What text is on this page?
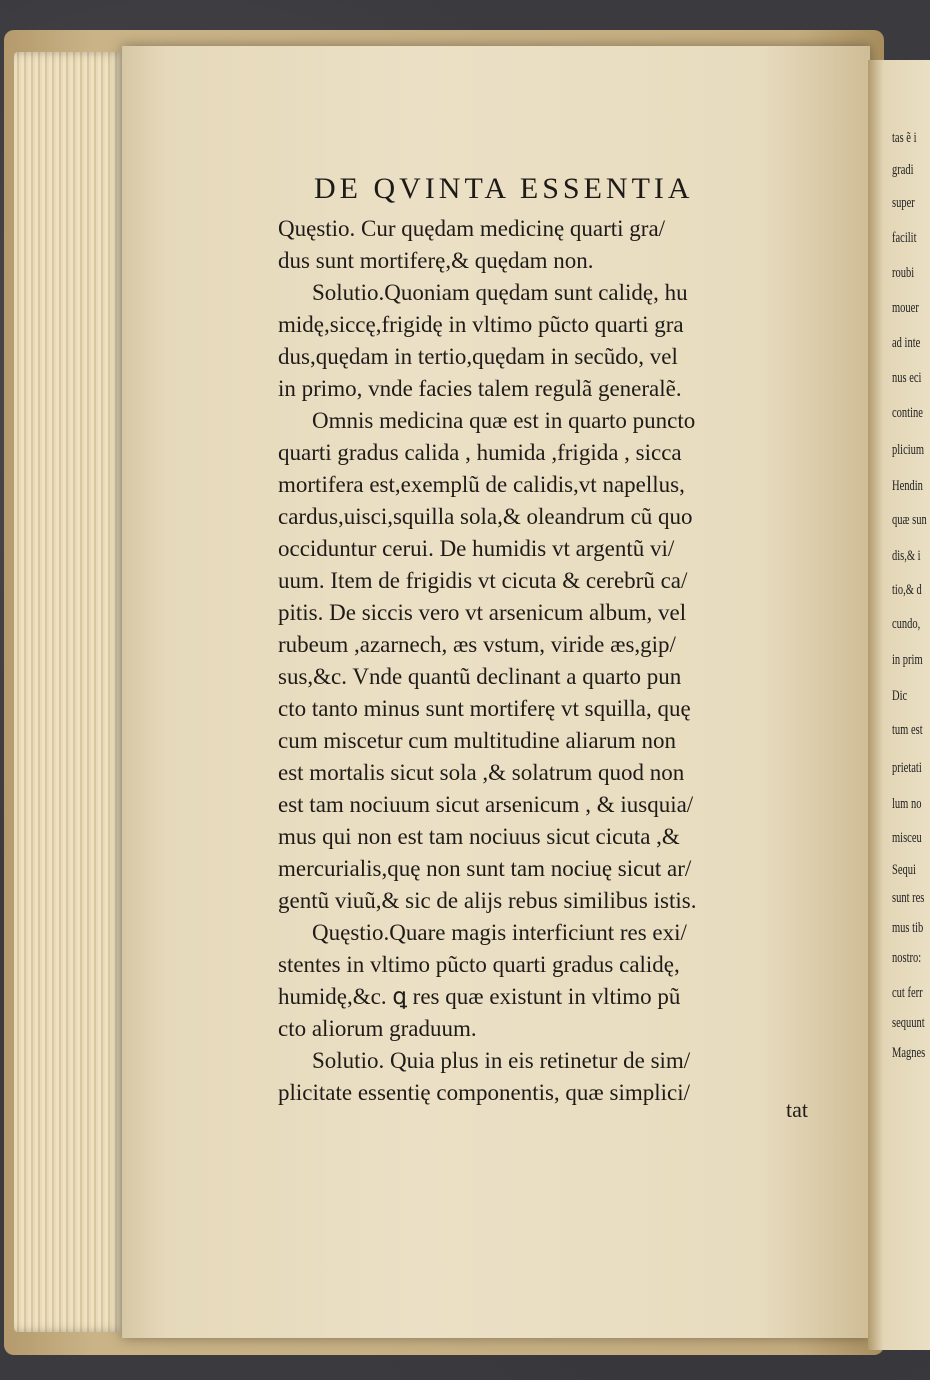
tas ẽ i
gradi
super
facilit
roubi
mouer
ad inte
nus eci
contine
plicium
Hendin
quæ sun
dis,& i
tio,& d
cundo,
in prim
Dic
tum est
prietati
lum no
misceu
Sequi
sunt res
mus tib
nostro:
cut ferr
sequunt
Magnes
DE QVINTA ESSENTIA
Quęstio. Cur quędam medicinę quarti gra/
dus sunt mortiferę,& quędam non.
Solutio.Quoniam quędam sunt calidę, hu
midę,siccę,frigidę in vltimo pũcto quarti gra
dus,quędam in tertio,quędam in secũdo, vel
in primo, vnde facies talem regulã generalẽ.
Omnis medicina quæ est in quarto puncto
quarti gradus calida , humida ,frigida , sicca
mortifera est,exemplũ de calidis,vt napellus,
cardus,uisci,squilla sola,& oleandrum cũ quo
occiduntur cerui. De humidis vt argentũ vi/
uum. Item de frigidis vt cicuta & cerebrũ ca/
pitis. De siccis vero vt arsenicum album, vel
rubeum ,azarnech, æs vstum, viride æs,gip/
sus,&c. Vnde quantũ declinant a quarto pun
cto tanto minus sunt mortiferę vt squilla, quę
cum miscetur cum multitudine aliarum non
est mortalis sicut sola ,& solatrum quod non
est tam nociuum sicut arsenicum , & iusquia/
mus qui non est tam nociuus sicut cicuta ,&
mercurialis,quę non sunt tam nociuę sicut ar/
gentũ viuũ,& sic de alijs rebus similibus istis.
Quęstio.Quare magis interficiunt res exi/
stentes in vltimo pũcto quarti gradus calidę,
humidę,&c. ꝗ res quæ existunt in vltimo pũ
cto aliorum graduum.
Solutio. Quia plus in eis retinetur de sim/
plicitate essentię componentis, quæ simplici/
tat
